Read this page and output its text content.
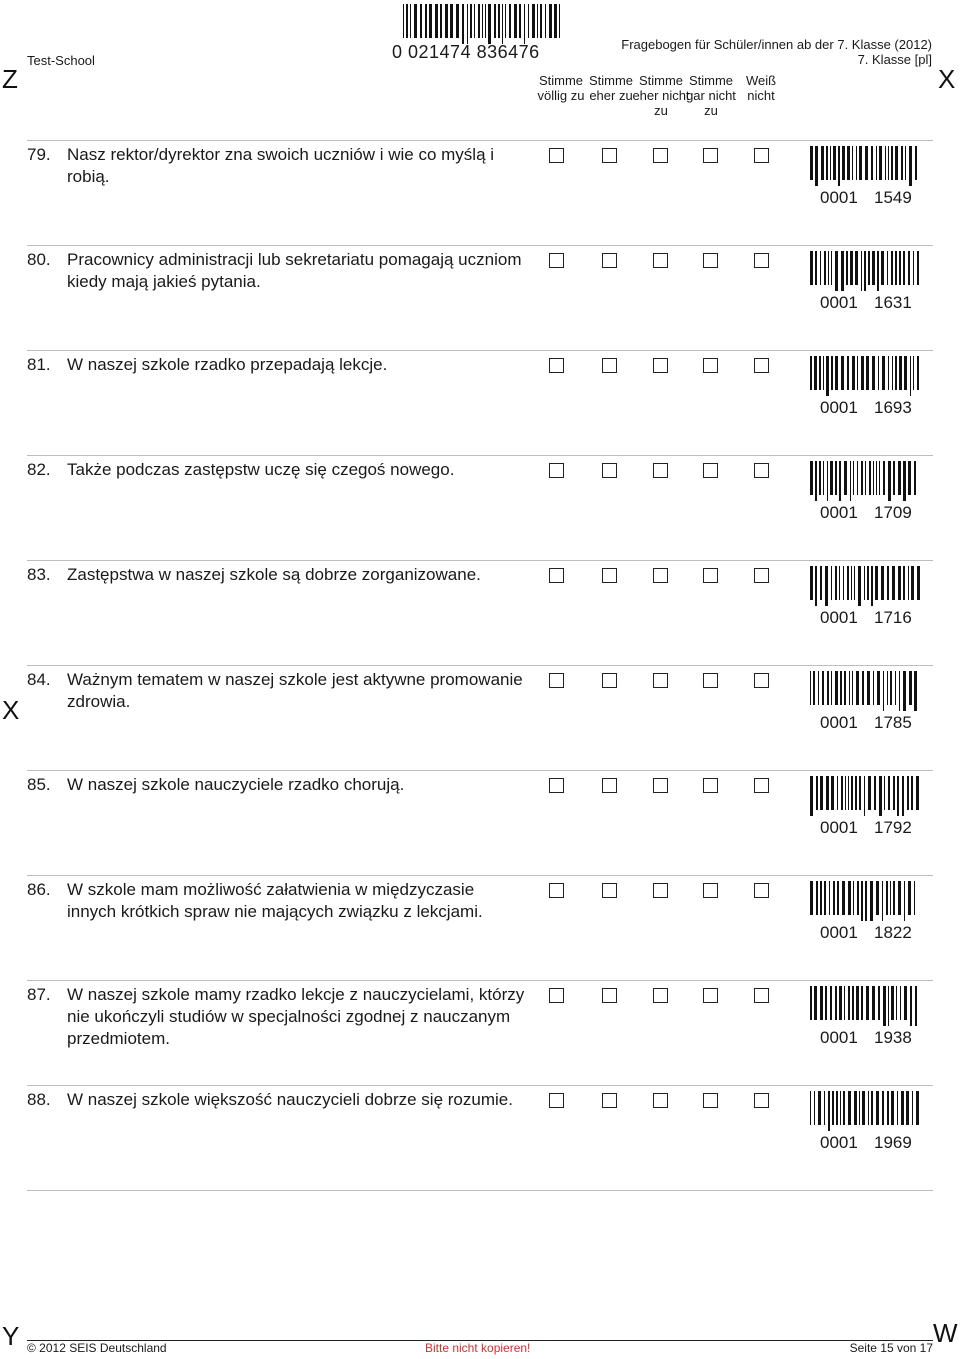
Z	X
X
Y	W
Test-School	0 021474 836476	Fragebogen für Schüler/innen ab der 7. Klasse (2012)
7. Klasse [pl]
Stimme völlig zu
Stimme eher zu
Stimme eher nicht zu
Stimme gar nicht zu
Weiß nicht
79. Nasz rektor/dyrektor zna swoich uczniów i wie co myślą i robią.
0001 1549
80. Pracownicy administracji lub sekretariatu pomagają uczniom kiedy mają jakieś pytania.
0001 1631
81. W naszej szkole rzadko przepadają lekcje.
0001 1693
82. Także podczas zastępstw uczę się czegoś nowego.
0001 1709
83. Zastępstwa w naszej szkole są dobrze zorganizowane.
0001 1716
84. Ważnym tematem w naszej szkole jest aktywne promowanie zdrowia.
0001 1785
85. W naszej szkole nauczyciele rzadko chorują.
0001 1792
86. W szkole mam możliwość załatwienia w międzyczasie innych krótkich spraw nie mających związku z lekcjami.
0001 1822
87. W naszej szkole mamy rzadko lekcje z nauczycielami, którzy nie ukończyli studiów w specjalności zgodnej z nauczanym przedmiotem.	0001 1938
88. W naszej szkole większość nauczycieli dobrze się rozumie.
0001 1969
© 2012 SEIS Deutschland	Bitte nicht kopieren!	Seite 15 von 17
